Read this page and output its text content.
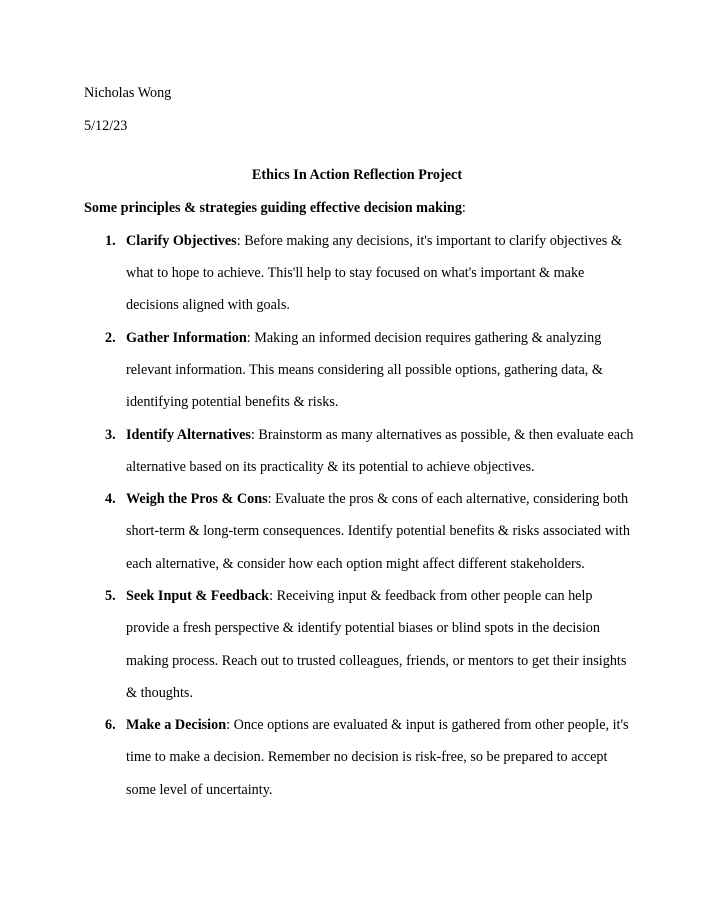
Nicholas Wong
5/12/23
Ethics In Action Reflection Project
Some principles & strategies guiding effective decision making:
1. Clarify Objectives: Before making any decisions, it's important to clarify objectives &
what to hope to achieve. This'll help to stay focused on what's important & make
decisions aligned with goals.
2. Gather Information: Making an informed decision requires gathering & analyzing
relevant information. This means considering all possible options, gathering data, &
identifying potential benefits & risks.
3. Identify Alternatives: Brainstorm as many alternatives as possible, & then evaluate each
alternative based on its practicality & its potential to achieve objectives.
4. Weigh the Pros & Cons: Evaluate the pros & cons of each alternative, considering both
short-term & long-term consequences. Identify potential benefits & risks associated with
each alternative, & consider how each option might affect different stakeholders.
5. Seek Input & Feedback: Receiving input & feedback from other people can help
provide a fresh perspective & identify potential biases or blind spots in the decision
making process. Reach out to trusted colleagues, friends, or mentors to get their insights
& thoughts.
6. Make a Decision: Once options are evaluated & input is gathered from other people, it's
time to make a decision. Remember no decision is risk-free, so be prepared to accept
some level of uncertainty.
